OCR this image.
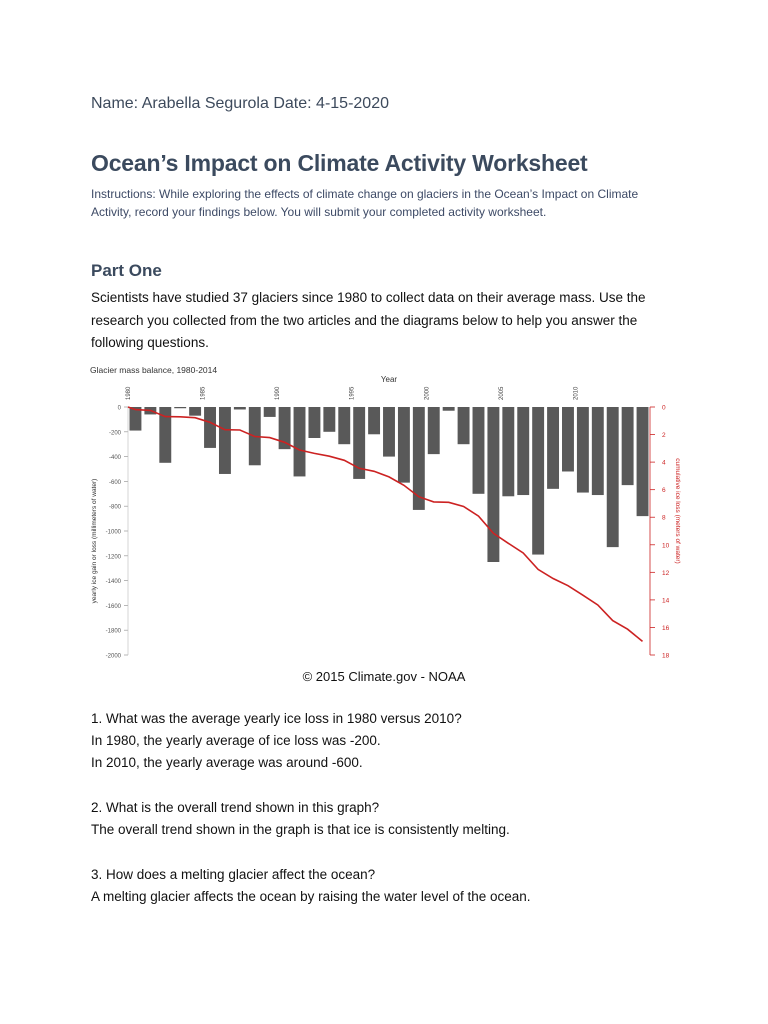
Name: Arabella Segurola Date: 4-15-2020
Ocean’s Impact on Climate Activity Worksheet
Instructions: While exploring the effects of climate change on glaciers in the Ocean’s Impact on Climate Activity, record your findings below. You will submit your completed activity worksheet.
Part One
Scientists have studied 37 glaciers since 1980 to collect data on their average mass. Use the research you collected from the two articles and the diagrams below to help you answer the following questions.
Glacier mass balance, 1980-2014
Year
0
-200
-400
-600
-800
-1000
-1200
-1400
-1600
-1800
-2000
yearly ice gain or loss (millimeters of water)
0
2
4
6
8
10
12
14
16
18
cumulative ice loss (meters of water)
1980	1985	1990	1995	2000	2005	2010
© 2015 Climate.gov - NOAA

1. What was the average yearly ice loss in 1980 versus 2010?

In 1980, the yearly average of ice loss was -200.

In 2010, the yearly average was around -600.

2. What is the overall trend shown in this graph?

The overall trend shown in the graph is that ice is consistently melting.

3. How does a melting glacier affect the ocean?

A melting glacier affects the ocean by raising the water level of the ocean.
